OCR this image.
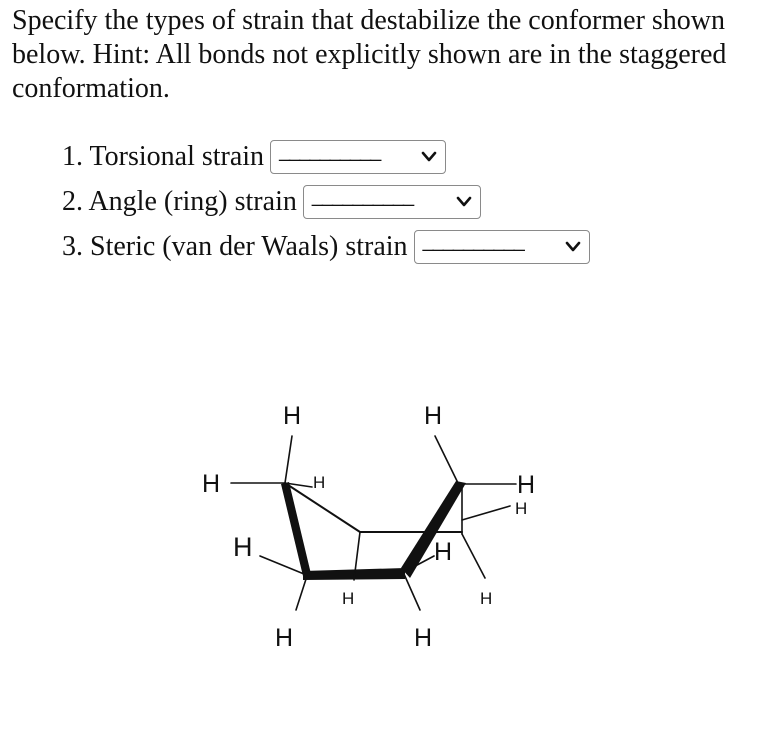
Specify the types of strain that destabilize the conformer shown below. Hint: All bonds not explicitly shown are in the staggered conformation.
1. Torsional strain __________
2. Angle (ring) strain __________
3. Steric (van der Waals) strain __________
H	H
H	H	H
H
H	H
H	H
H	H
